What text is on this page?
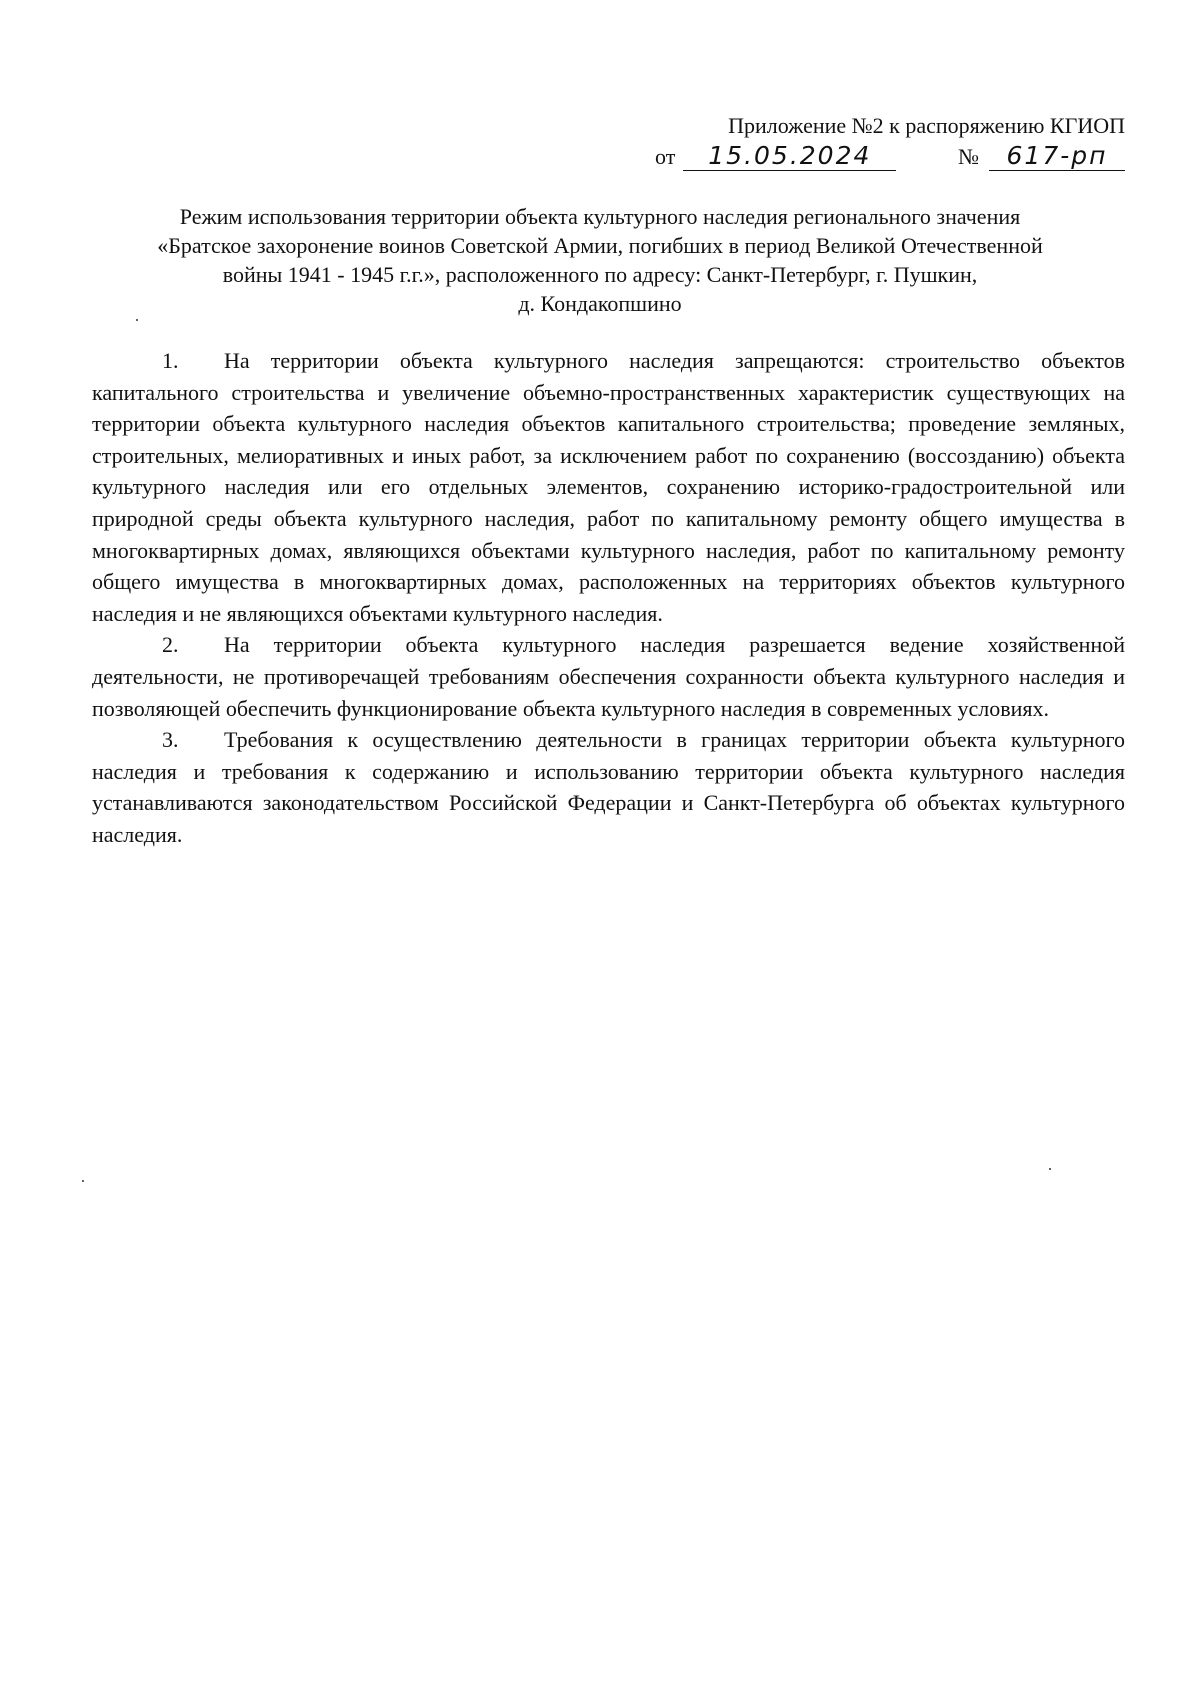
Приложение №2 к распоряжению КГИОП
от 15.05.2024	№ 617-рп
Режим использования территории объекта культурного наследия регионального значения
«Братское захоронение воинов Советской Армии, погибших в период Великой Отечественной
войны 1941 - 1945 г.г.», расположенного по адресу: Санкт-Петербург, г. Пушкин,
д. Кондакопшино

1. На территории объекта культурного наследия запрещаются: строительство объектов капитального строительства и увеличение объемно-пространственных характеристик существующих на территории объекта культурного наследия объектов капитального строительства; проведение земляных, строительных, мелиоративных и иных работ, за исключением работ по сохранению (воссозданию) объекта культурного наследия или его отдельных элементов, сохранению историко-градостроительной или природной среды объекта культурного наследия, работ по капитальному ремонту общего имущества в многоквартирных домах, являющихся объектами культурного наследия, работ по капитальному ремонту общего имущества в многоквартирных домах, расположенных на территориях объектов культурного наследия и не являющихся объектами культурного наследия.

2. На территории объекта культурного наследия разрешается ведение хозяйственной деятельности, не противоречащей требованиям обеспечения сохранности объекта культурного наследия и позволяющей обеспечить функционирование объекта культурного наследия в современных условиях.

3. Требования к осуществлению деятельности в границах территории объекта культурного наследия и требования к содержанию и использованию территории объекта культурного наследия устанавливаются законодательством Российской Федерации и Санкт-Петербурга об объектах культурного наследия.
